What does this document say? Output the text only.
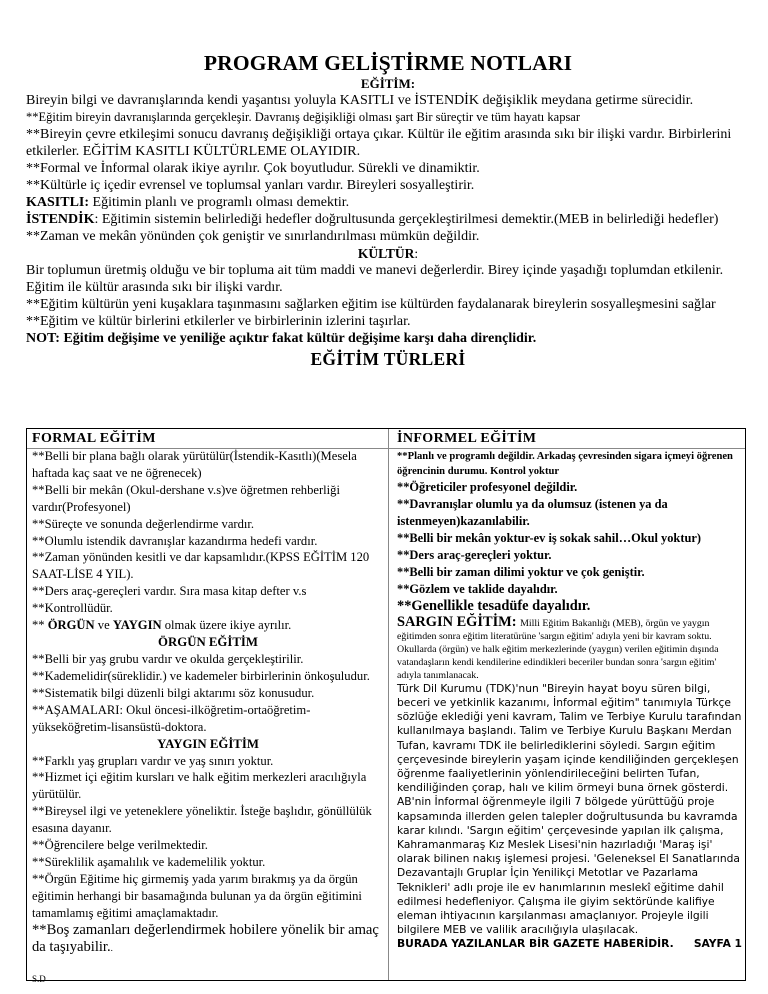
PROGRAM GELİŞTİRME NOTLARI

EĞİTİM:

Bireyin bilgi ve davranışlarında kendi yaşantısı yoluyla KASITLI ve İSTENDİK değişiklik meydana getirme sürecidir.

**Eğitim bireyin davranışlarında gerçekleşir. Davranış değişikliği olması şart Bir süreçtir ve tüm hayatı kapsar

**Bireyin çevre etkileşimi sonucu davranış değişikliği ortaya çıkar. Kültür ile eğitim arasında sıkı bir ilişki vardır. Birbirlerini etkilerler. EĞİTİM KASITLI KÜLTÜRLEME OLAYIDIR.

**Formal ve İnformal olarak ikiye ayrılır. Çok boyutludur. Sürekli ve dinamiktir.

**Kültürle iç içedir evrensel ve toplumsal yanları vardır. Bireyleri sosyalleştirir.

KASITLI: Eğitimin planlı ve programlı olması demektir.

İSTENDİK: Eğitimin sistemin belirlediği hedefler doğrultusunda gerçekleştirilmesi demektir.(MEB in belirlediği hedefler)

**Zaman ve mekân yönünden çok geniştir ve sınırlandırılması mümkün değildir.

KÜLTÜR:

Bir toplumun üretmiş olduğu ve bir topluma ait tüm maddi ve manevi değerlerdir. Birey içinde yaşadığı toplumdan etkilenir. Eğitim ile kültür arasında sıkı bir ilişki vardır.

**Eğitim kültürün yeni kuşaklara taşınmasını sağlarken eğitim ise kültürden faydalanarak bireylerin sosyalleşmesini sağlar

**Eğitim ve kültür birlerini etkilerler ve birbirlerinin izlerini taşırlar.

NOT: Eğitim değişime ve yeniliğe açıktır fakat kültür değişime karşı daha dirençlidir.

EĞİTİM TÜRLERİ
FORMAL EĞİTİM

**Belli bir plana bağlı olarak yürütülür(İstendik-Kasıtlı)(Mesela haftada kaç saat ve ne öğrenecek)

**Belli bir mekân (Okul-dershane v.s)ve öğretmen rehberliği vardır(Profesyonel)

**Süreçte ve sonunda değerlendirme vardır.

**Olumlu istendik davranışlar kazandırma hedefi vardır.

**Zaman yönünden kesitli ve dar kapsamlıdır.(KPSS EĞİTİM 120 SAAT-LİSE 4 YIL).

**Ders araç-gereçleri vardır. Sıra masa kitap defter v.s

**Kontrollüdür.

** ÖRGÜN ve YAYGIN olmak üzere ikiye ayrılır.

ÖRGÜN EĞİTİM

**Belli bir yaş grubu vardır ve okulda gerçekleştirilir.

**Kademelidir(süreklidir.) ve kademeler birbirlerinin önkoşuludur.

**Sistematik bilgi düzenli bilgi aktarımı söz konusudur.

**AŞAMALARI: Okul öncesi-ilköğretim-ortaöğretim-yükseköğretim-lisansüstü-doktora.

YAYGIN EĞİTİM

**Farklı yaş grupları vardır ve yaş sınırı yoktur.

**Hizmet içi eğitim kursları ve halk eğitim merkezleri aracılığıyla yürütülür.

**Bireysel ilgi ve yeteneklere yöneliktir. İsteğe başlıdır, gönüllülük esasına dayanır.

**Öğrencilere belge verilmektedir.

**Süreklilik aşamalılık ve kademelilik yoktur.

**Örgün Eğitime hiç girmemiş yada yarım bırakmış ya da örgün eğitimin herhangi bir basamağında bulunan ya da örgün eğitimini tamamlamış eğitimi amaçlamaktadır.

**Boş zamanları değerlendirmek hobilere yönelik bir amaç da taşıyabilir..

S.D

İNFORMEL EĞİTİM

**Planlı ve programlı değildir. Arkadaş çevresinden sigara içmeyi öğrenen öğrencinin durumu. Kontrol yoktur

**Öğreticiler profesyonel değildir.

**Davranışlar olumlu ya da olumsuz (istenen ya da istenmeyen)kazanılabilir.

**Belli bir mekân yoktur-ev iş sokak sahil…Okul yoktur)

**Ders araç-gereçleri yoktur.

**Belli bir zaman dilimi yoktur ve çok geniştir.

**Gözlem ve taklide dayalıdır.

**Genellikle tesadüfe dayalıdır.

SARGIN EĞİTİM: Milli Eğitim Bakanlığı (MEB), örgün ve yaygın eğitimden sonra eğitim literatürüne 'sargın eğitim' adıyla yeni bir kavram soktu. Okullarda (örgün) ve halk eğitim merkezlerinde (yaygın) verilen eğitimin dışında vatandaşların kendi kendilerine edindikleri beceriler bundan sonra 'sargın eğitim' adıyla tanımlanacak.

Türk Dil Kurumu (TDK)'nun "Bireyin hayat boyu süren bilgi, beceri ve yetkinlik kazanımı, İnformal eğitim" tanımıyla Türkçe sözlüğe eklediği yeni kavram, Talim ve Terbiye Kurulu tarafından kullanılmaya başlandı. Talim ve Terbiye Kurulu Başkanı Merdan Tufan, kavramı TDK ile belirlediklerini söyledi. Sargın eğitim çerçevesinde bireylerin yaşam içinde kendiliğinden gerçekleşen öğrenme faaliyetlerinin yönlendirileceğini belirten Tufan, kendiliğinden çorap, halı ve kilim örmeyi buna örnek gösterdi. AB'nin İnformal öğrenmeyle ilgili 7 bölgede yürüttüğü proje kapsamında illerden gelen talepler doğrultusunda bu kavramda karar kılındı. 'Sargın eğitim' çerçevesinde yapılan ilk çalışma, Kahramanmaraş Kız Meslek Lisesi'nin hazırladığı 'Maraş işi' olarak bilinen nakış işlemesi projesi. 'Geleneksel El Sanatlarında Dezavantajlı Gruplar İçin Yenilikçi Metotlar ve Pazarlama Teknikleri' adlı proje ile ev hanımlarının meslekî eğitime dahil edilmesi hedefleniyor. Çalışma ile giyim sektöründe kalifiye eleman ihtiyacının karşılanması amaçlanıyor. Projeyle ilgili bilgilere MEB ve valilik aracılığıyla ulaşılacak.

BURADA YAZILANLAR BİR GAZETE HABERİDİR. SAYFA 1
